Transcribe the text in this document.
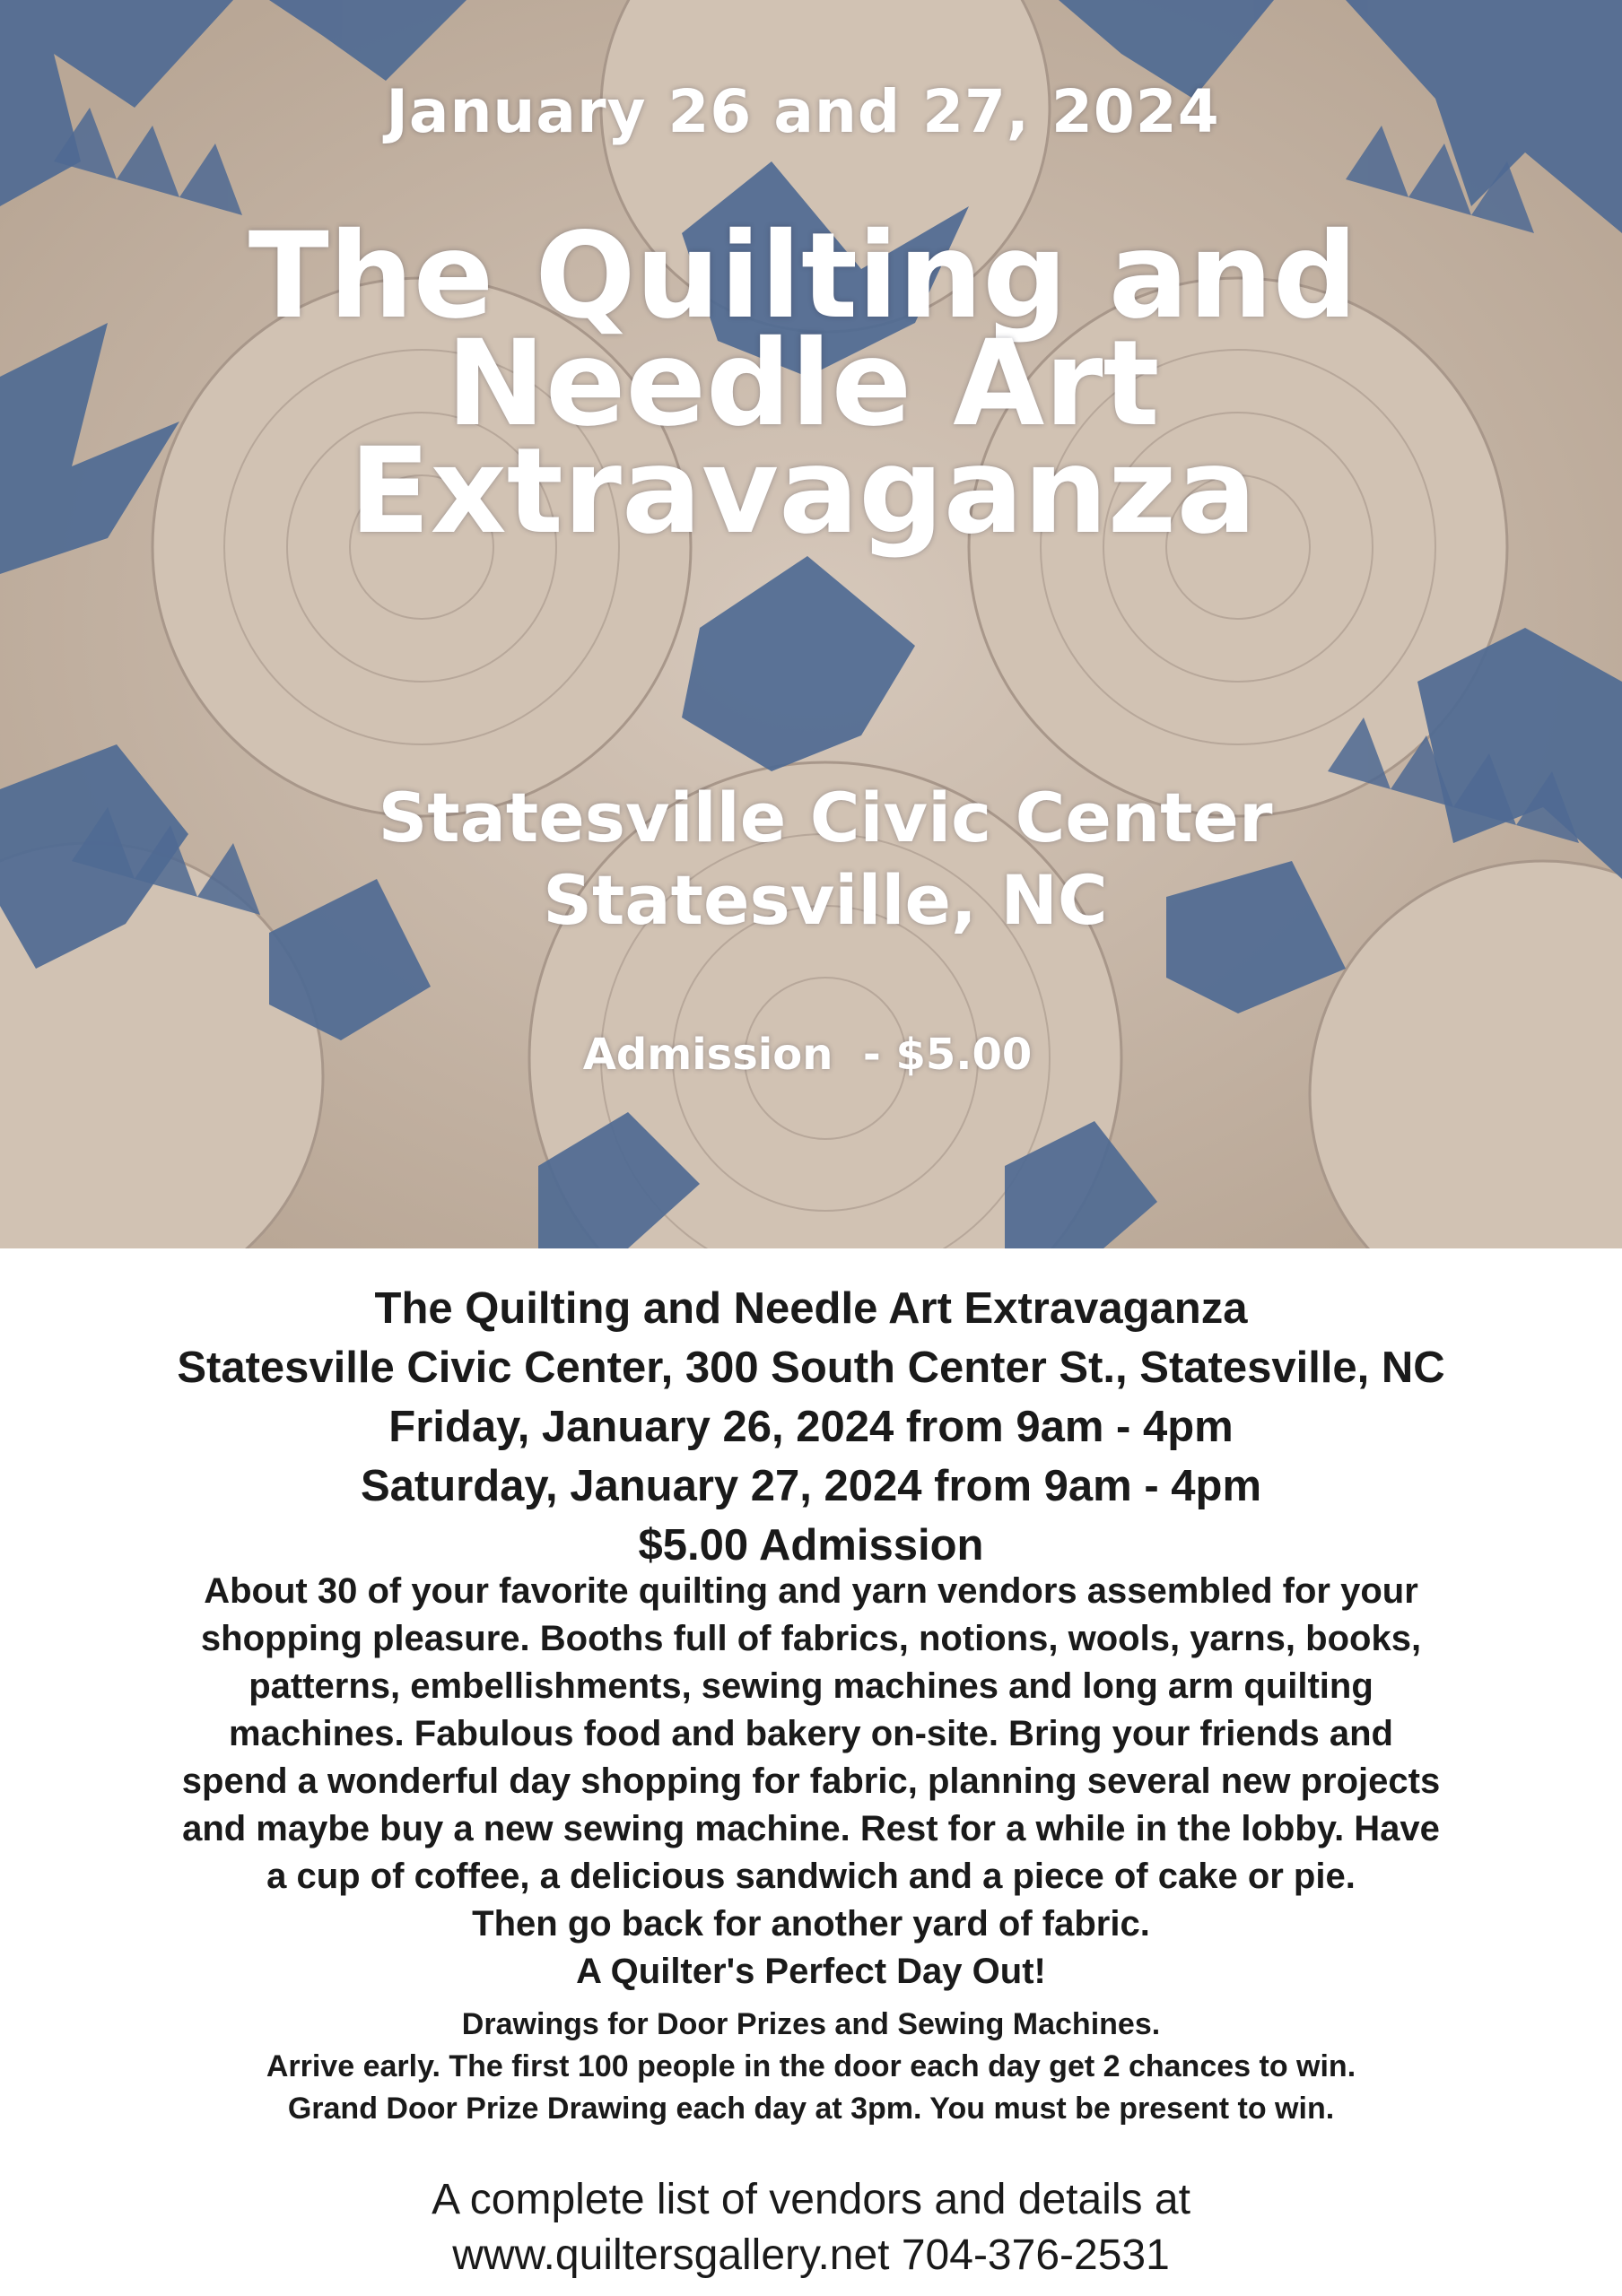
January 26 and 27, 2024
The Quilting and
Needle Art
Extravaganza
Statesville Civic Center
Statesville, NC
Admission  - $5.00
The Quilting and Needle Art Extravaganza
Statesville Civic Center, 300 South Center St., Statesville, NC
Friday, January 26, 2024 from 9am - 4pm
Saturday, January 27, 2024 from 9am - 4pm
$5.00 Admission
About 30 of your favorite quilting and yarn vendors assembled for your
shopping pleasure. Booths full of fabrics, notions, wools, yarns, books,
patterns, embellishments, sewing machines and long arm quilting
machines. Fabulous food and bakery on-site. Bring your friends and
spend a wonderful day shopping for fabric, planning several new projects
and maybe buy a new sewing machine. Rest for a while in the lobby. Have
a cup of coffee, a delicious sandwich and a piece of cake or pie.
Then go back for another yard of fabric.
A Quilter's Perfect Day Out!
Drawings for Door Prizes and Sewing Machines.
Arrive early. The first 100 people in the door each day get 2 chances to win.
Grand Door Prize Drawing each day at 3pm. You must be present to win.
A complete list of vendors and details at
www.quiltersgallery.net 704-376-2531
